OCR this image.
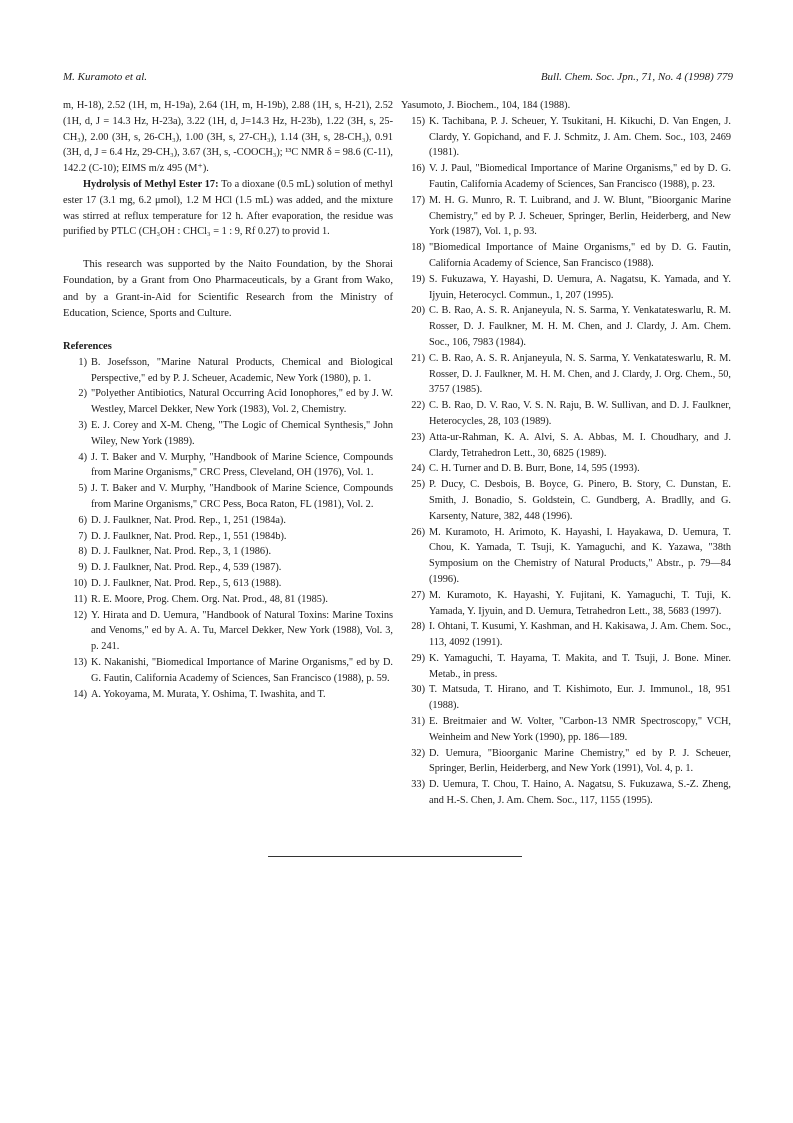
M. Kuramoto et al.	Bull. Chem. Soc. Jpn., 71, No. 4 (1998) 779

m, H-18), 2.52 (1H, m, H-19a), 2.64 (1H, m, H-19b), 2.88 (1H, s, H-21), 2.52 (1H, d, J = 14.3 Hz, H-23a), 3.22 (1H, d, J=14.3 Hz, H-23b), 1.22 (3H, s, 25-CH₃), 2.00 (3H, s, 26-CH₃), 1.00 (3H, s, 27-CH₃), 1.14 (3H, s, 28-CH₃), 0.91 (3H, d, J = 6.4 Hz, 29-CH₃), 3.67 (3H, s, -COOCH₃); ¹³C NMR δ = 98.6 (C-11), 142.2 (C-10); EIMS m/z 495 (M⁺).

Hydrolysis of Methyl Ester 17: To a dioxane (0.5 mL) solution of methyl ester 17 (3.1 mg, 6.2 μmol), 1.2 M HCl (1.5 mL) was added, and the mixture was stirred at reflux temperature for 12 h. After evaporation, the residue was purified by PTLC (CH₃OH : CHCl₃ = 1 : 9, Rf 0.27) to provid 1.

This research was supported by the Naito Foundation, by the Shorai Foundation, by a Grant from Ono Pharmaceuticals, by a Grant from Wako, and by a Grant-in-Aid for Scientific Research from the Ministry of Education, Science, Sports and Culture.

References
1) B. Josefsson, "Marine Natural Products, Chemical and Biological Perspective," ed by P. J. Scheuer, Academic, New York (1980), p. 1.
2) "Polyether Antibiotics, Natural Occurring Acid Ionophores," ed by J. W. Westley, Marcel Dekker, New York (1983), Vol. 2, Chemistry.
3) E. J. Corey and X-M. Cheng, "The Logic of Chemical Synthesis," John Wiley, New York (1989).
4) J. T. Baker and V. Murphy, "Handbook of Marine Science, Compounds from Marine Organisms," CRC Press, Cleveland, OH (1976), Vol. 1.
5) J. T. Baker and V. Murphy, "Handbook of Marine Science, Compounds from Marine Organisms," CRC Pess, Boca Raton, FL (1981), Vol. 2.
6) D. J. Faulkner, Nat. Prod. Rep., 1, 251 (1984a).
7) D. J. Faulkner, Nat. Prod. Rep., 1, 551 (1984b).
8) D. J. Faulkner, Nat. Prod. Rep., 3, 1 (1986).
9) D. J. Faulkner, Nat. Prod. Rep., 4, 539 (1987).
10) D. J. Faulkner, Nat. Prod. Rep., 5, 613 (1988).
11) R. E. Moore, Prog. Chem. Org. Nat. Prod., 48, 81 (1985).
12) Y. Hirata and D. Uemura, "Handbook of Natural Toxins: Marine Toxins and Venoms," ed by A. A. Tu, Marcel Dekker, New York (1988), Vol. 3, p. 241.
13) K. Nakanishi, "Biomedical Importance of Marine Organisms," ed by D. G. Fautin, California Academy of Sciences, San Francisco (1988), p. 59.
14) A. Yokoyama, M. Murata, Y. Oshima, T. Iwashita, and T.

Yasumoto, J. Biochem., 104, 184 (1988).

15) K. Tachibana, P. J. Scheuer, Y. Tsukitani, H. Kikuchi, D. Van Engen, J. Clardy, Y. Gopichand, and F. J. Schmitz, J. Am. Chem. Soc., 103, 2469 (1981).
16) V. J. Paul, "Biomedical Importance of Marine Organisms," ed by D. G. Fautin, California Academy of Sciences, San Francisco (1988), p. 23.
17) M. H. G. Munro, R. T. Luibrand, and J. W. Blunt, "Bioorganic Marine Chemistry," ed by P. J. Scheuer, Springer, Berlin, Heiderberg, and New York (1987), Vol. 1, p. 93.
18) "Biomedical Importance of Maine Organisms," ed by D. G. Fautin, California Academy of Science, San Francisco (1988).
19) S. Fukuzawa, Y. Hayashi, D. Uemura, A. Nagatsu, K. Yamada, and Y. Ijyuin, Heterocycl. Commun., 1, 207 (1995).
20) C. B. Rao, A. S. R. Anjaneyula, N. S. Sarma, Y. Venkatateswarlu, R. M. Rosser, D. J. Faulkner, M. H. M. Chen, and J. Clardy, J. Am. Chem. Soc., 106, 7983 (1984).
21) C. B. Rao, A. S. R. Anjaneyula, N. S. Sarma, Y. Venkatateswarlu, R. M. Rosser, D. J. Faulkner, M. H. M. Chen, and J. Clardy, J. Org. Chem., 50, 3757 (1985).
22) C. B. Rao, D. V. Rao, V. S. N. Raju, B. W. Sullivan, and D. J. Faulkner, Heterocycles, 28, 103 (1989).
23) Atta-ur-Rahman, K. A. Alvi, S. A. Abbas, M. I. Choudhary, and J. Clardy, Tetrahedron Lett., 30, 6825 (1989).
24) C. H. Turner and D. B. Burr, Bone, 14, 595 (1993).
25) P. Ducy, C. Desbois, B. Boyce, G. Pinero, B. Story, C. Dunstan, E. Smith, J. Bonadio, S. Goldstein, C. Gundberg, A. Bradlly, and G. Karsenty, Nature, 382, 448 (1996).
26) M. Kuramoto, H. Arimoto, K. Hayashi, I. Hayakawa, D. Uemura, T. Chou, K. Yamada, T. Tsuji, K. Yamaguchi, and K. Yazawa, "38th Symposium on the Chemistry of Natural Products," Abstr., p. 79—84 (1996).
27) M. Kuramoto, K. Hayashi, Y. Fujitani, K. Yamaguchi, T. Tuji, K. Yamada, Y. Ijyuin, and D. Uemura, Tetrahedron Lett., 38, 5683 (1997).
28) I. Ohtani, T. Kusumi, Y. Kashman, and H. Kakisawa, J. Am. Chem. Soc., 113, 4092 (1991).
29) K. Yamaguchi, T. Hayama, T. Makita, and T. Tsuji, J. Bone. Miner. Metab., in press.
30) T. Matsuda, T. Hirano, and T. Kishimoto, Eur. J. Immunol., 18, 951 (1988).
31) E. Breitmaier and W. Volter, "Carbon-13 NMR Spectroscopy," VCH, Weinheim and New York (1990), pp. 186—189.
32) D. Uemura, "Bioorganic Marine Chemistry," ed by P. J. Scheuer, Springer, Berlin, Heiderberg, and New York (1991), Vol. 4, p. 1.
33) D. Uemura, T. Chou, T. Haino, A. Nagatsu, S. Fukuzawa, S.-Z. Zheng, and H.-S. Chen, J. Am. Chem. Soc., 117, 1155 (1995).
